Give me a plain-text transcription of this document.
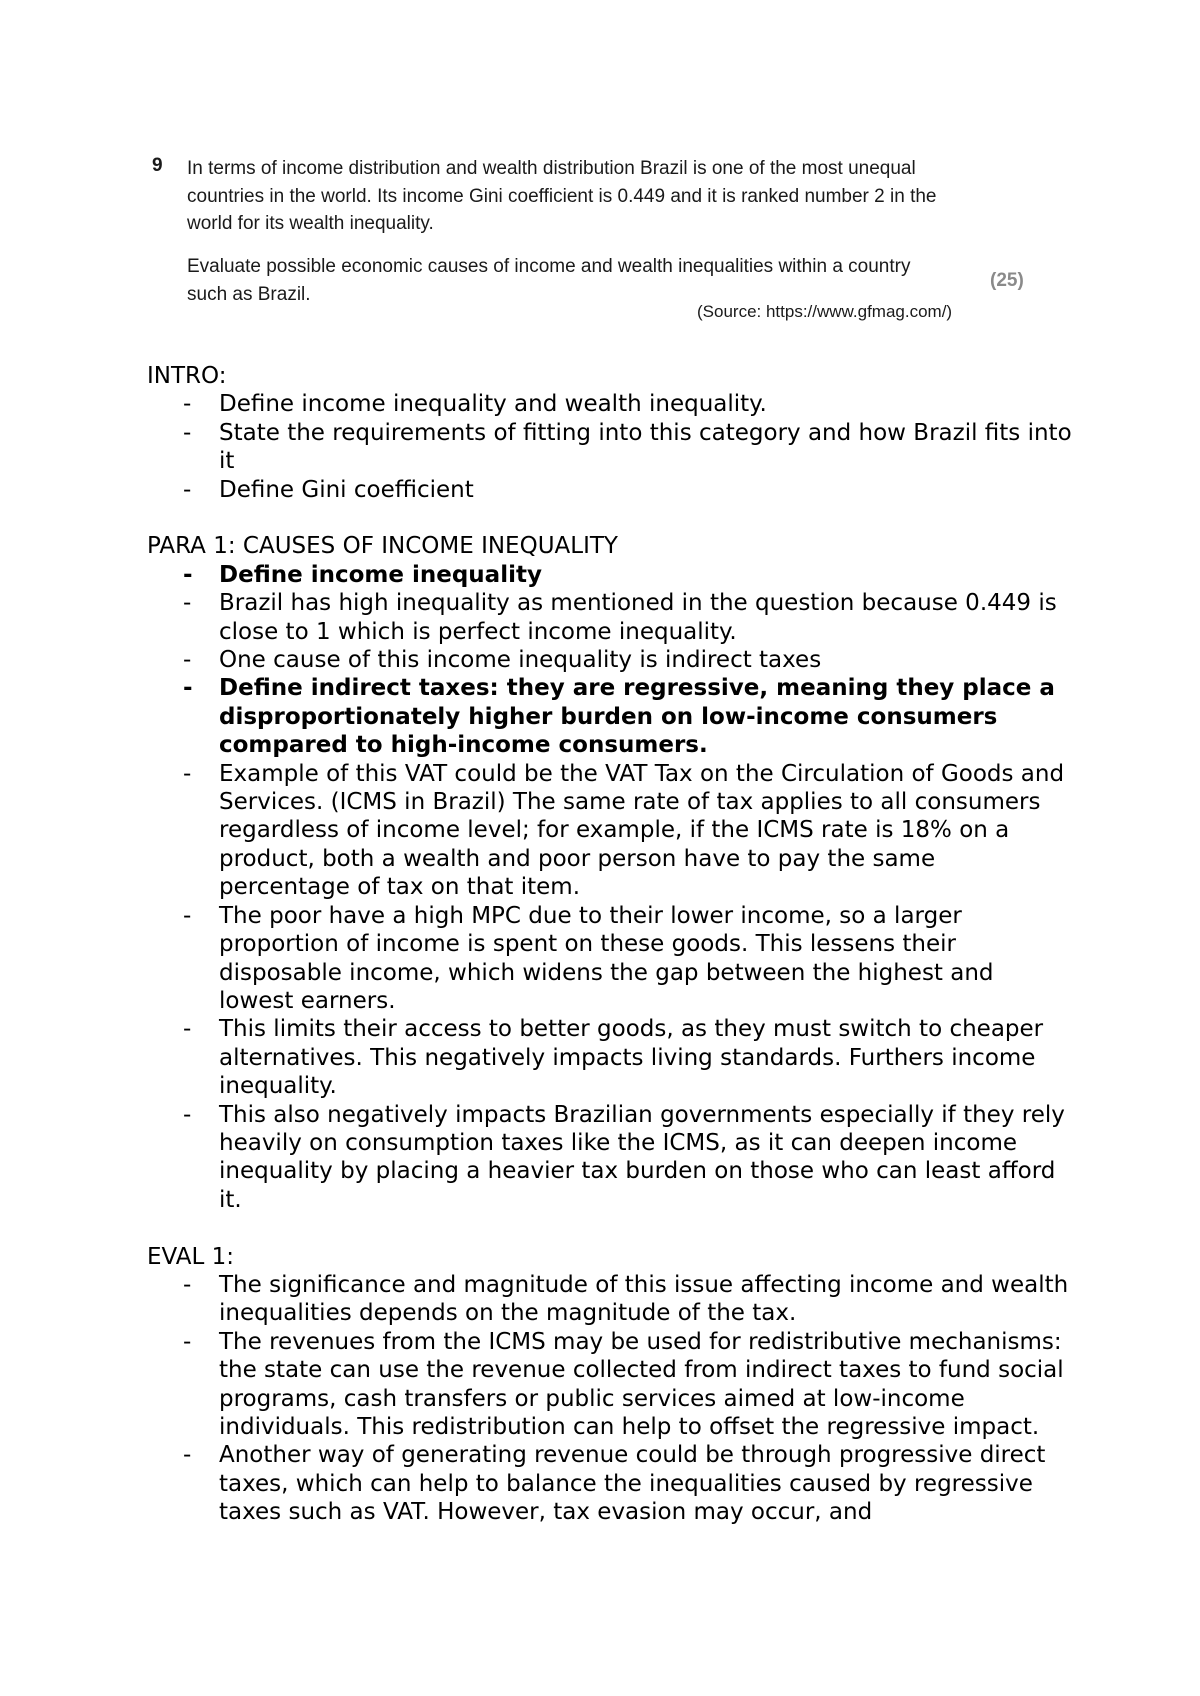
9 In terms of income distribution and wealth distribution Brazil is one of the most unequal countries in the world. Its income Gini coefficient is 0.449 and it is ranked number 2 in the world for its wealth inequality.
Evaluate possible economic causes of income and wealth inequalities within a country such as Brazil.
(25)
(Source: https://www.gfmag.com/)
INTRO:
- Define income inequality and wealth inequality.
- State the requirements of fitting into this category and how Brazil fits into it
- Define Gini coefficient
PARA 1: CAUSES OF INCOME INEQUALITY
- Define income inequality
- Brazil has high inequality as mentioned in the question because 0.449 is close to 1 which is perfect income inequality.
- One cause of this income inequality is indirect taxes
- Define indirect taxes: they are regressive, meaning they place a disproportionately higher burden on low-income consumers compared to high-income consumers.
- Example of this VAT could be the VAT Tax on the Circulation of Goods and Services. (ICMS in Brazil) The same rate of tax applies to all consumers regardless of income level; for example, if the ICMS rate is 18% on a product, both a wealth and poor person have to pay the same percentage of tax on that item.
- The poor have a high MPC due to their lower income, so a larger proportion of income is spent on these goods. This lessens their disposable income, which widens the gap between the highest and lowest earners.
- This limits their access to better goods, as they must switch to cheaper alternatives. This negatively impacts living standards. Furthers income inequality.
- This also negatively impacts Brazilian governments especially if they rely heavily on consumption taxes like the ICMS, as it can deepen income inequality by placing a heavier tax burden on those who can least afford it.
EVAL 1:
- The significance and magnitude of this issue affecting income and wealth inequalities depends on the magnitude of the tax.
- The revenues from the ICMS may be used for redistributive mechanisms: the state can use the revenue collected from indirect taxes to fund social programs, cash transfers or public services aimed at low-income individuals. This redistribution can help to offset the regressive impact.
- Another way of generating revenue could be through progressive direct taxes, which can help to balance the inequalities caused by regressive taxes such as VAT. However, tax evasion may occur, and
